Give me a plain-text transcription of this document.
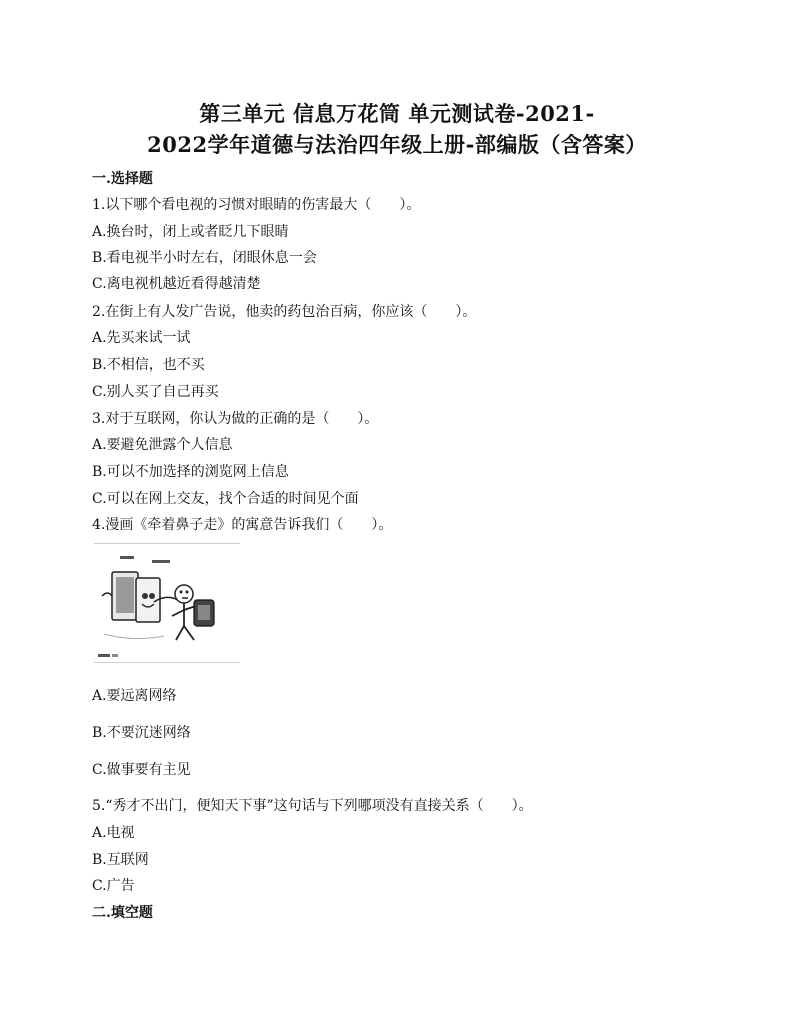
第三单元 信息万花筒 单元测试卷-2021-
2022学年道德与法治四年级上册-部编版（含答案）
一.选择题
1.以下哪个看电视的习惯对眼睛的伤害最大（　　）。
A.换台时，闭上或者眨几下眼睛
B.看电视半小时左右，闭眼休息一会
C.离电视机越近看得越清楚
2.在街上有人发广告说，他卖的药包治百病，你应该（　　）。
A.先买来试一试
B.不相信，也不买
C.别人买了自己再买
3.对于互联网，你认为做的正确的是（　　）。
A.要避免泄露个人信息
B.可以不加选择的浏览网上信息
C.可以在网上交友，找个合适的时间见个面
4.漫画《牵着鼻子走》的寓意告诉我们（　　）。
A.要远离网络
B.不要沉迷网络
C.做事要有主见
5.“秀才不出门，便知天下事”这句话与下列哪项没有直接关系（　　）。
A.电视
B.互联网
C.广告
二.填空题
